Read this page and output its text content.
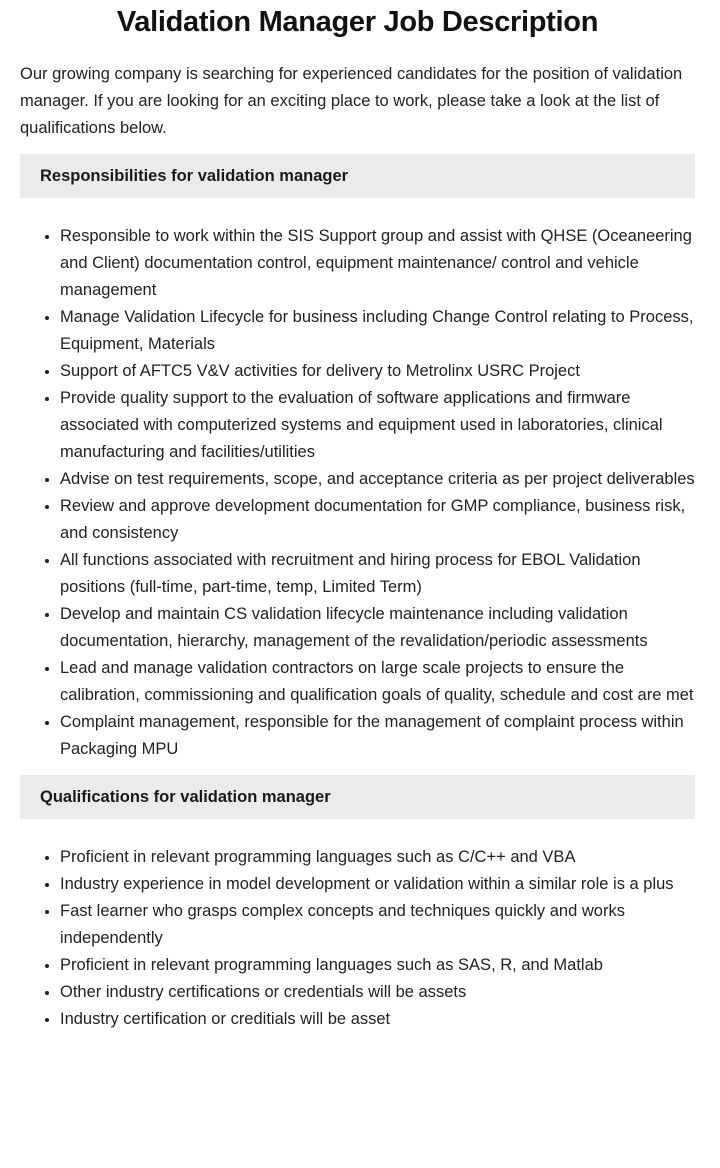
Validation Manager Job Description

Our growing company is searching for experienced candidates for the position of validation manager. If you are looking for an exciting place to work, please take a look at the list of qualifications below.

Responsibilities for validation manager
• Responsible to work within the SIS Support group and assist with QHSE (Oceaneering and Client) documentation control, equipment maintenance/ control and vehicle management
• Manage Validation Lifecycle for business including Change Control relating to Process, Equipment, Materials
• Support of AFTC5 V&V activities for delivery to Metrolinx USRC Project
• Provide quality support to the evaluation of software applications and firmware associated with computerized systems and equipment used in laboratories, clinical manufacturing and facilities/utilities
• Advise on test requirements, scope, and acceptance criteria as per project deliverables
• Review and approve development documentation for GMP compliance, business risk, and consistency
• All functions associated with recruitment and hiring process for EBOL Validation positions (full-time, part-time, temp, Limited Term)
• Develop and maintain CS validation lifecycle maintenance including validation documentation, hierarchy, management of the revalidation/periodic assessments
• Lead and manage validation contractors on large scale projects to ensure the calibration, commissioning and qualification goals of quality, schedule and cost are met
• Complaint management, responsible for the management of complaint process within Packaging MPU
Qualifications for validation manager
• Proficient in relevant programming languages such as C/C++ and VBA
• Industry experience in model development or validation within a similar role is a plus
• Fast learner who grasps complex concepts and techniques quickly and works independently
• Proficient in relevant programming languages such as SAS, R, and Matlab
• Other industry certifications or credentials will be assets
• Industry certification or creditials will be asset
